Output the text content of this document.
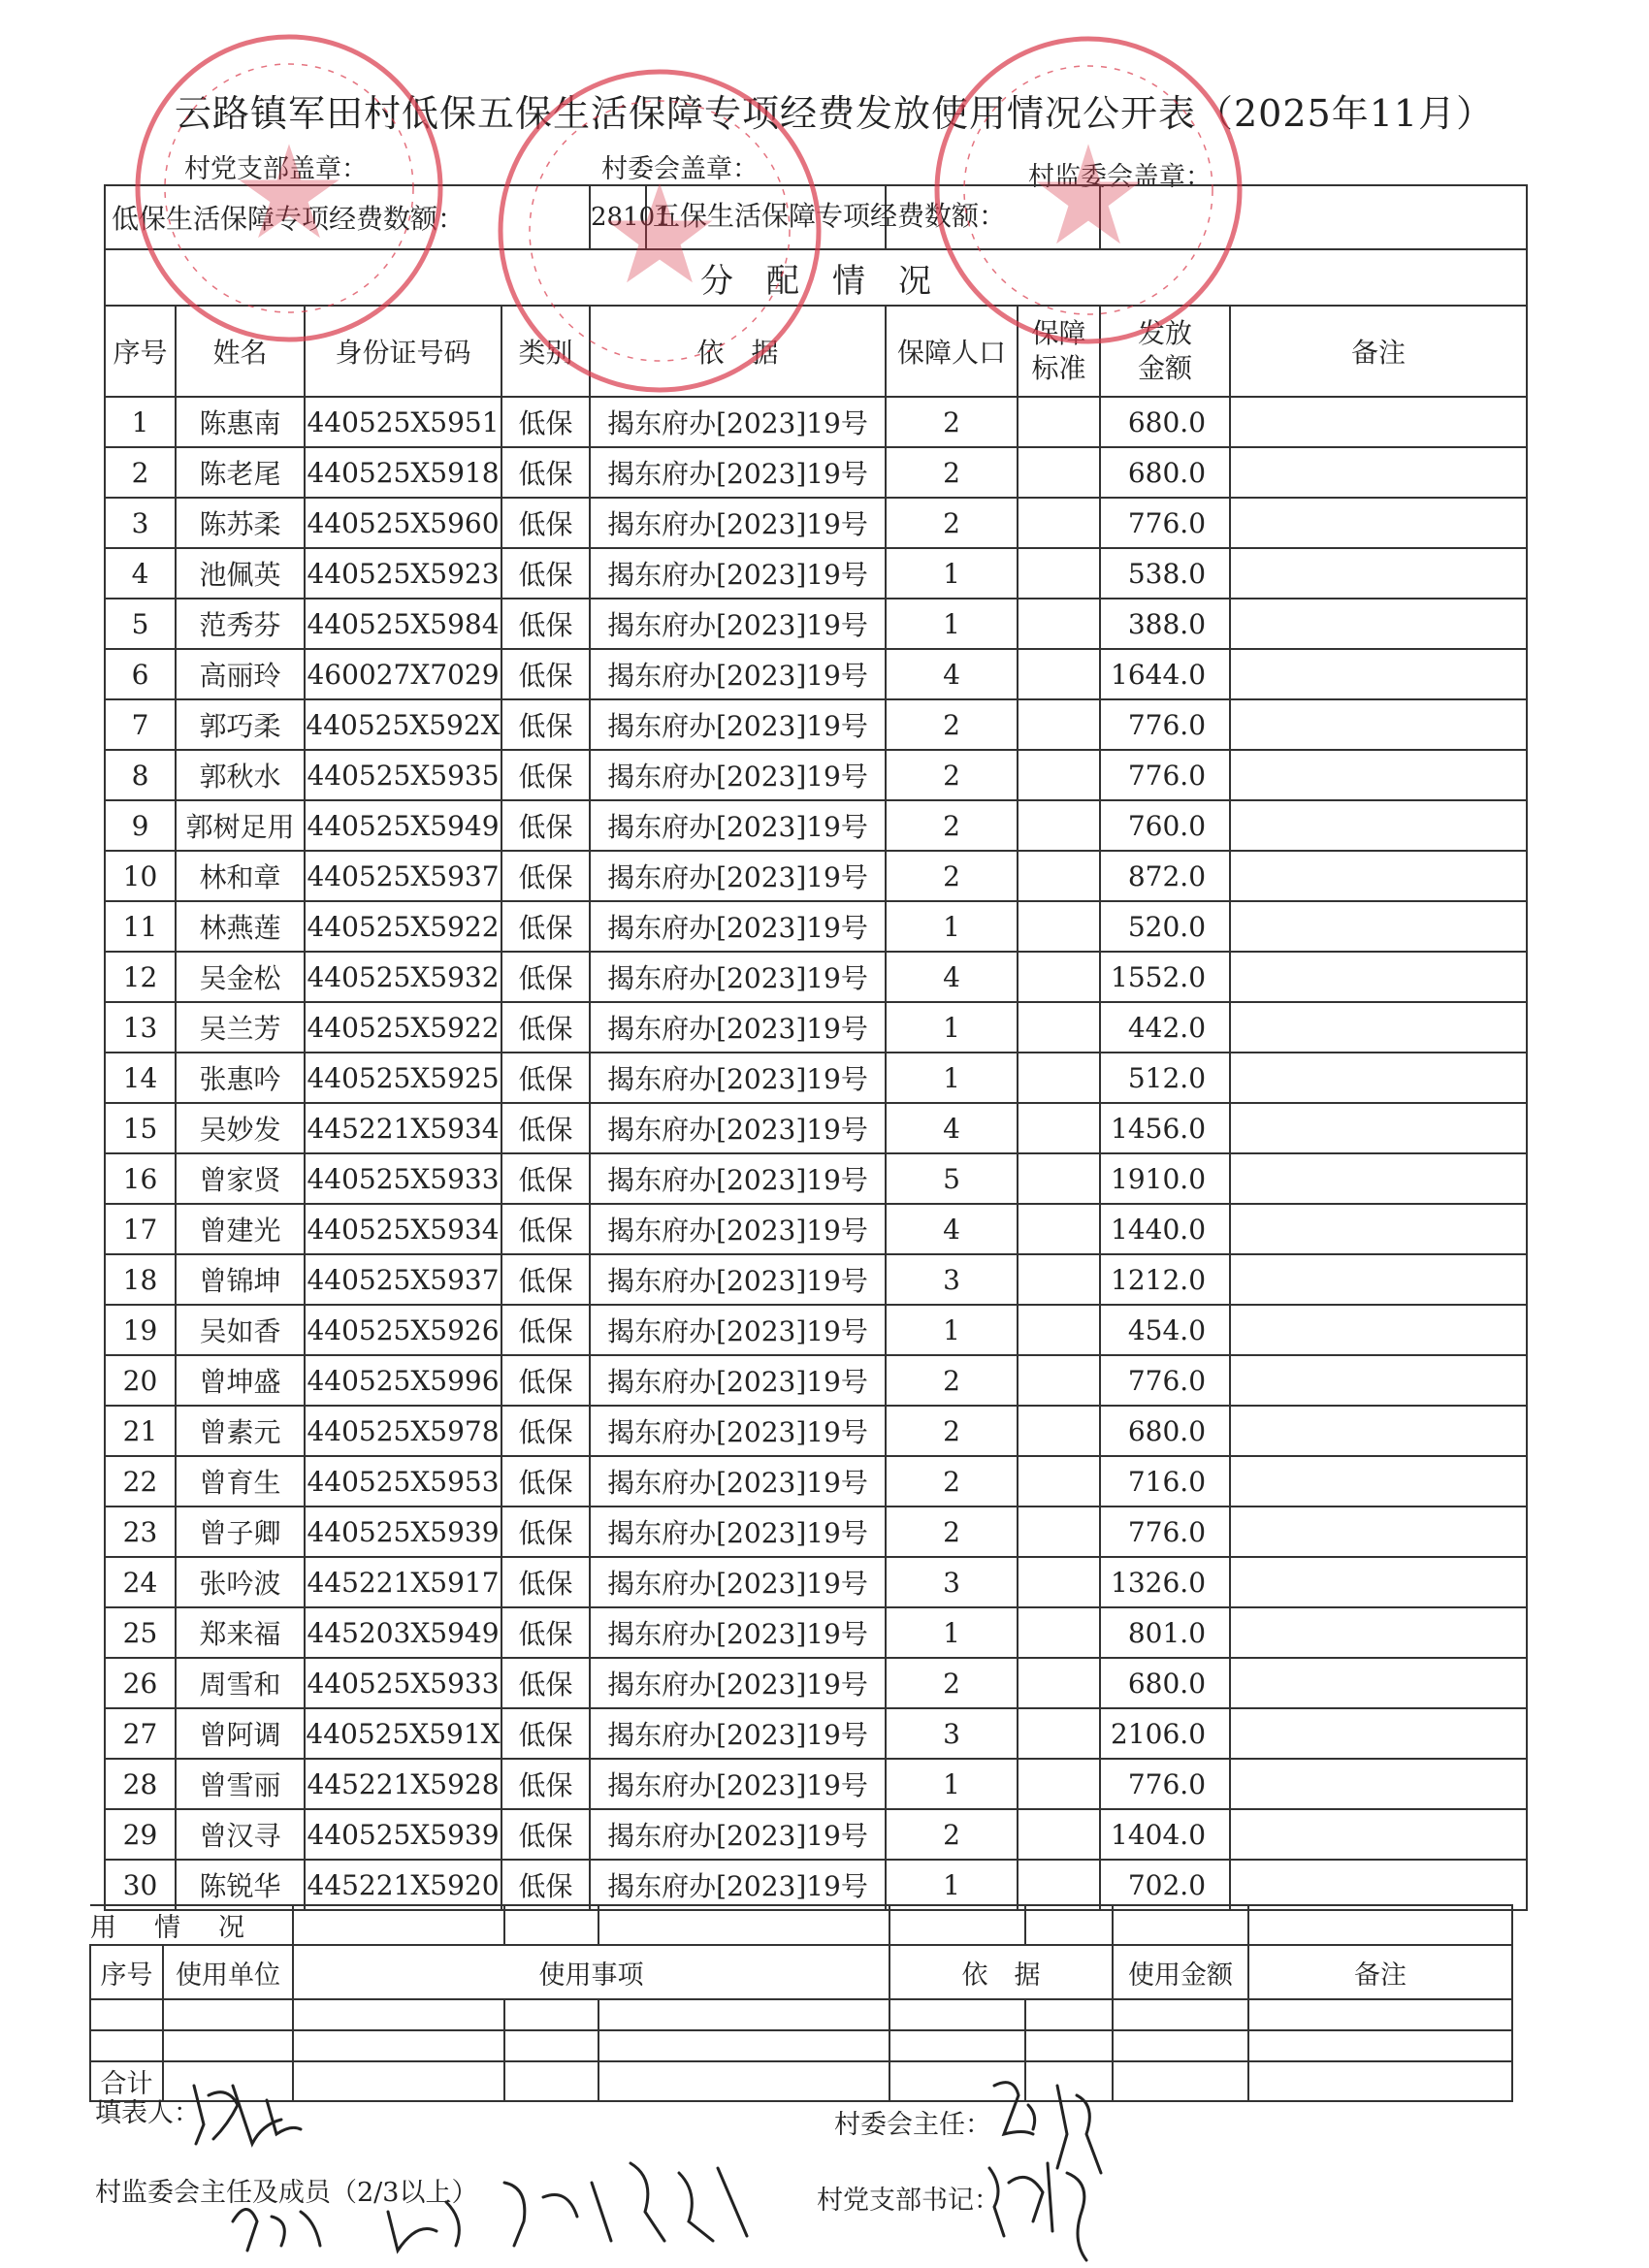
云路镇军田村低保五保生活保障专项经费发放使用情况公开表（2025年11月）
村党支部盖章：	村委会盖章：	村监委会盖章：
低保生活保障专项经费数额：				28101五保生活保障专项经费数额：				
分　配　情　况								
序号	姓名	身份证号码	类别	依　据	保障人口	保障
标准	发放
金额	备注
1	陈惠南	440525X5951	低保	揭东府办[2023]19号	2		680.0	
2	陈老尾	440525X5918	低保	揭东府办[2023]19号	2		680.0	
3	陈苏柔	440525X5960	低保	揭东府办[2023]19号	2		776.0	
4	池佩英	440525X5923	低保	揭东府办[2023]19号	1		538.0	
5	范秀芬	440525X5984	低保	揭东府办[2023]19号	1		388.0	
6	高丽玲	460027X7029	低保	揭东府办[2023]19号	4		1644.0	
7	郭巧柔	440525X592X	低保	揭东府办[2023]19号	2		776.0	
8	郭秋水	440525X5935	低保	揭东府办[2023]19号	2		776.0	
9	郭树足用	440525X5949	低保	揭东府办[2023]19号	2		760.0	
10	林和章	440525X5937	低保	揭东府办[2023]19号	2		872.0	
11	林燕莲	440525X5922	低保	揭东府办[2023]19号	1		520.0	
12	吴金松	440525X5932	低保	揭东府办[2023]19号	4		1552.0	
13	吴兰芳	440525X5922	低保	揭东府办[2023]19号	1		442.0	
14	张惠吟	440525X5925	低保	揭东府办[2023]19号	1		512.0	
15	吴妙发	445221X5934	低保	揭东府办[2023]19号	4		1456.0	
16	曾家贤	440525X5933	低保	揭东府办[2023]19号	5		1910.0	
17	曾建光	440525X5934	低保	揭东府办[2023]19号	4		1440.0	
18	曾锦坤	440525X5937	低保	揭东府办[2023]19号	3		1212.0	
19	吴如香	440525X5926	低保	揭东府办[2023]19号	1		454.0	
20	曾坤盛	440525X5996	低保	揭东府办[2023]19号	2		776.0	
21	曾素元	440525X5978	低保	揭东府办[2023]19号	2		680.0	
22	曾育生	440525X5953	低保	揭东府办[2023]19号	2		716.0	
23	曾子卿	440525X5939	低保	揭东府办[2023]19号	2		776.0	
24	张吟波	445221X5917	低保	揭东府办[2023]19号	3		1326.0	
25	郑来福	445203X5949	低保	揭东府办[2023]19号	1		801.0	
26	周雪和	440525X5933	低保	揭东府办[2023]19号	2		680.0	
27	曾阿调	440525X591X	低保	揭东府办[2023]19号	3		2106.0	
28	曾雪丽	445221X5928	低保	揭东府办[2023]19号	1		776.0	
29	曾汉寻	440525X5939	低保	揭东府办[2023]19号	2		1404.0	
30	陈锐华	445221X5920	低保	揭东府办[2023]19号	1		702.0	
用　情　况								
序号	使用单位	使用事项			依　据		使用金额	备注

合计								
填表人：	村委会主任：
村监委会主任及成员（2/3以上）	村党支部书记：
